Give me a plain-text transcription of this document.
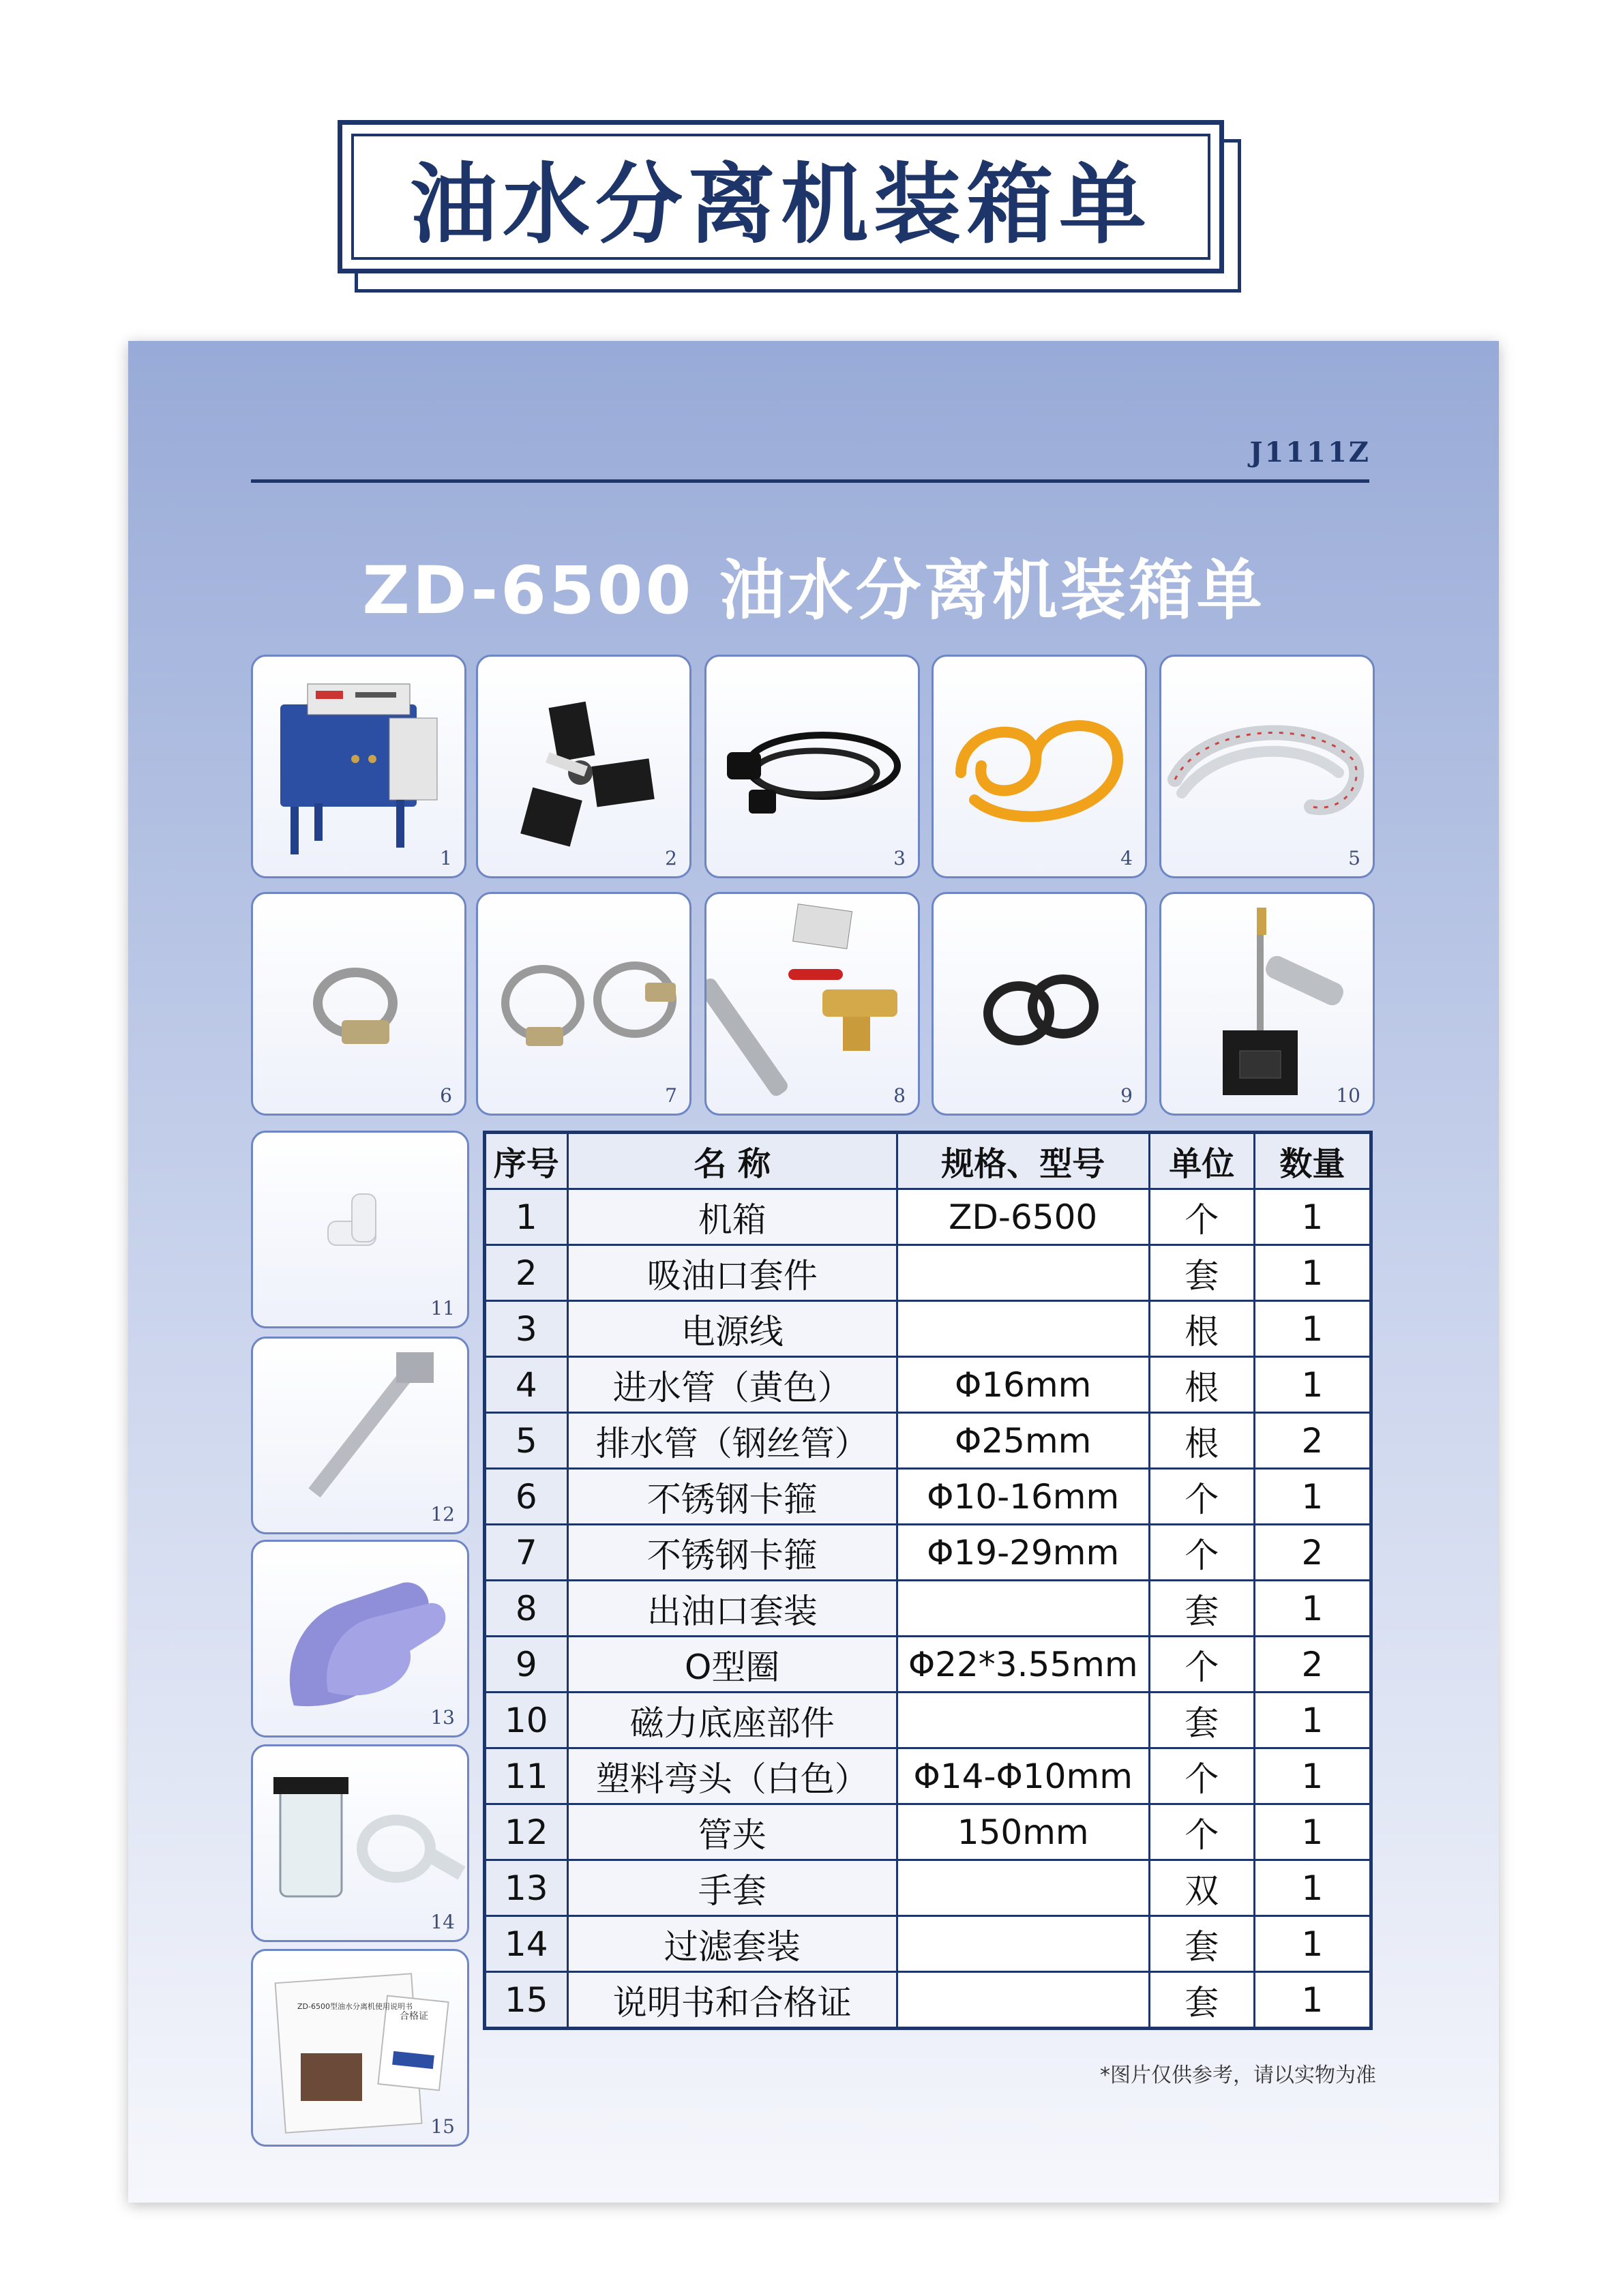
油水分离机装箱单
J1111Z
ZD-6500 油水分离机装箱单
1	2	3	4	5
6	7	8	9	10
11
12
13
14
ZD-6500型油水分离机使用说明书
合格证
15
序号	名 称	规格、型号	单位	数量
1	机箱	ZD-6500	个	1
2	吸油口套件		套	1
3	电源线		根	1
4	进水管（黄色）	Φ16mm	根	1
5	排水管（钢丝管）	Φ25mm	根	2
6	不锈钢卡箍	Φ10-16mm	个	1
7	不锈钢卡箍	Φ19-29mm	个	2
8	出油口套装		套	1
9	O型圈	Φ22*3.55mm	个	2
10	磁力底座部件		套	1
11	塑料弯头（白色）	Φ14-Φ10mm	个	1
12	管夹	150mm	个	1
13	手套		双	1
14	过滤套装		套	1
15	说明书和合格证		套	1
*图片仅供参考，请以实物为准
